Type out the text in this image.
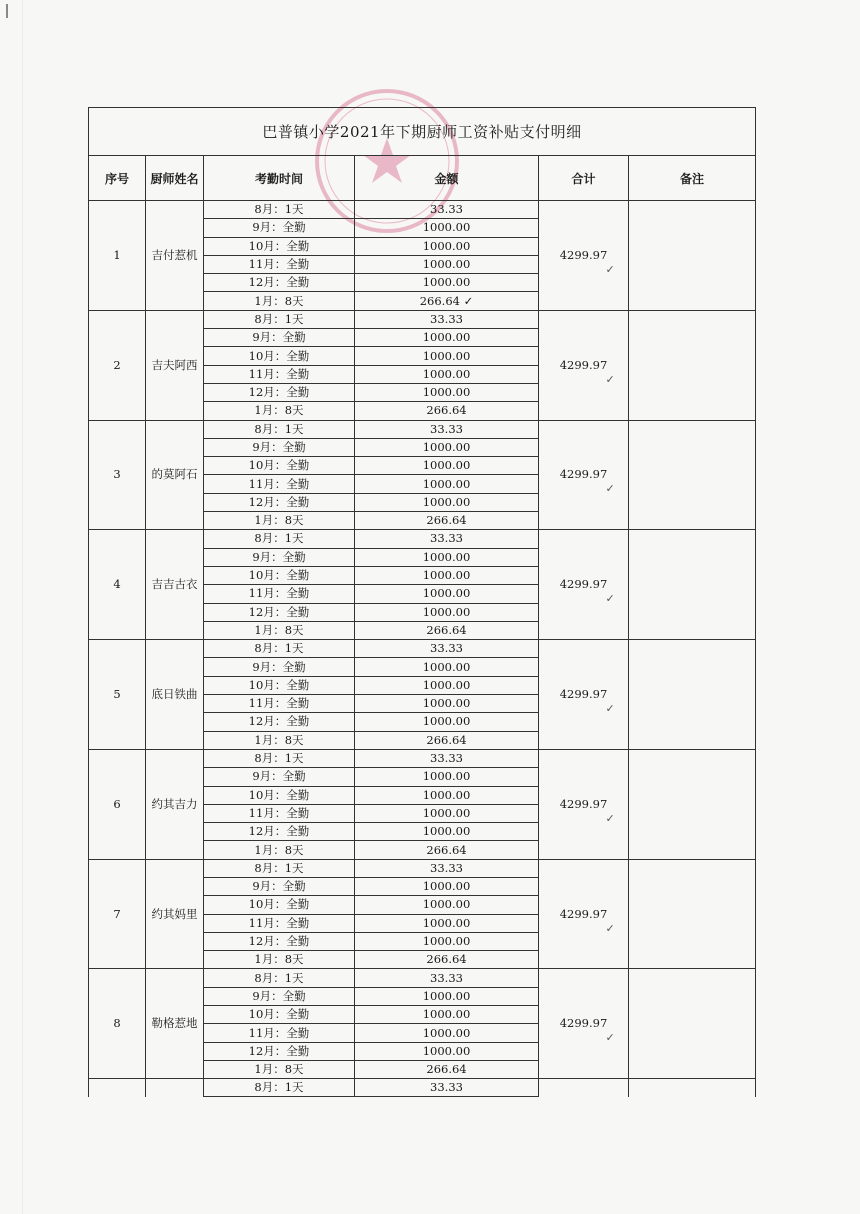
巴普镇小学2021年下期厨师工资补贴支付明细					
序号	厨师姓名	考勤时间	金额	合计	备注
1	吉付惹机	8月：1天	33.33	4299.97
✓	

		9月：全勤	1000.00		
		10月：全勤	1000.00		
		11月：全勤	1000.00		
		12月：全勤	1000.00		
		1月：8天	266.64 ✓		
2	吉夫阿西	8月：1天	33.33	4299.97
✓	

		9月：全勤	1000.00		
		10月：全勤	1000.00		
		11月：全勤	1000.00		
		12月：全勤	1000.00		
		1月：8天	266.64		
3	的莫阿石	8月：1天	33.33	4299.97
✓	

		9月：全勤	1000.00		
		10月：全勤	1000.00		
		11月：全勤	1000.00		
		12月：全勤	1000.00		
		1月：8天	266.64		
4	吉吉古衣	8月：1天	33.33	4299.97
✓	

		9月：全勤	1000.00		
		10月：全勤	1000.00		
		11月：全勤	1000.00		
		12月：全勤	1000.00		
		1月：8天	266.64		
5	底日铁曲	8月：1天	33.33	4299.97
✓	

		9月：全勤	1000.00		
		10月：全勤	1000.00		
		11月：全勤	1000.00		
		12月：全勤	1000.00		
		1月：8天	266.64		
6	约其吉力	8月：1天	33.33	4299.97
✓	

		9月：全勤	1000.00		
		10月：全勤	1000.00		
		11月：全勤	1000.00		
		12月：全勤	1000.00		
		1月：8天	266.64		
7	约其妈里	8月：1天	33.33	4299.97
✓	

		9月：全勤	1000.00		
		10月：全勤	1000.00		
		11月：全勤	1000.00		
		12月：全勤	1000.00		
		1月：8天	266.64		
8	勒格惹地	8月：1天	33.33	4299.97
✓	

		9月：全勤	1000.00		
		10月：全勤	1000.00		
		11月：全勤	1000.00		
		12月：全勤	1000.00		
		1月：8天	266.64		
		8月：1天	33.33		
